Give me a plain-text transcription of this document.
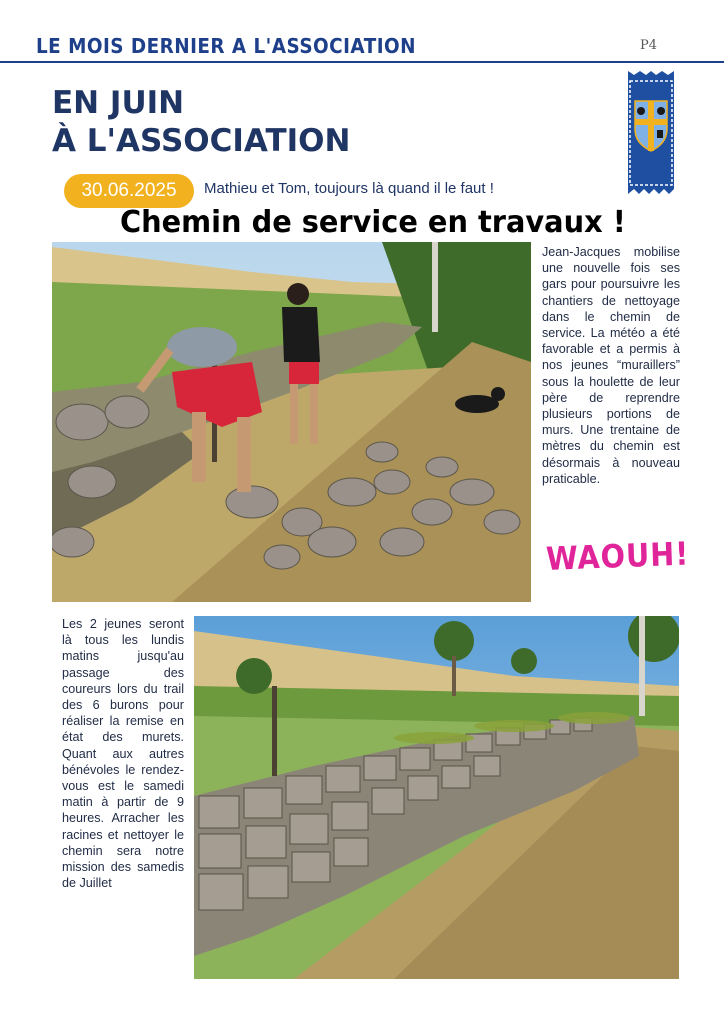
LE MOIS DERNIER A L'ASSOCIATION	P4
EN JUIN
À L'ASSOCIATION
30.06.2025	Mathieu et Tom, toujours là quand il le faut !
Chemin de service en travaux !
Jean-Jacques mobilise une nouvelle fois ses gars pour poursuivre les chantiers de nettoyage dans le chemin de service. La météo a été favorable et a permis à nos jeunes “muraillers” sous la houlette de leur père de reprendre plusieurs portions de murs. Une trentaine de mètres du chemin est désormais à nouveau praticable.
WAOUH!
Les 2 jeunes seront là tous les lundis matins jusqu'au passage des coureurs lors du trail des 6 burons pour réaliser la remise en état des murets. Quant aux autres bénévoles le rendez-vous est le samedi matin à partir de 9 heures. Arracher les racines et nettoyer le chemin sera notre mission des samedis de Juillet
